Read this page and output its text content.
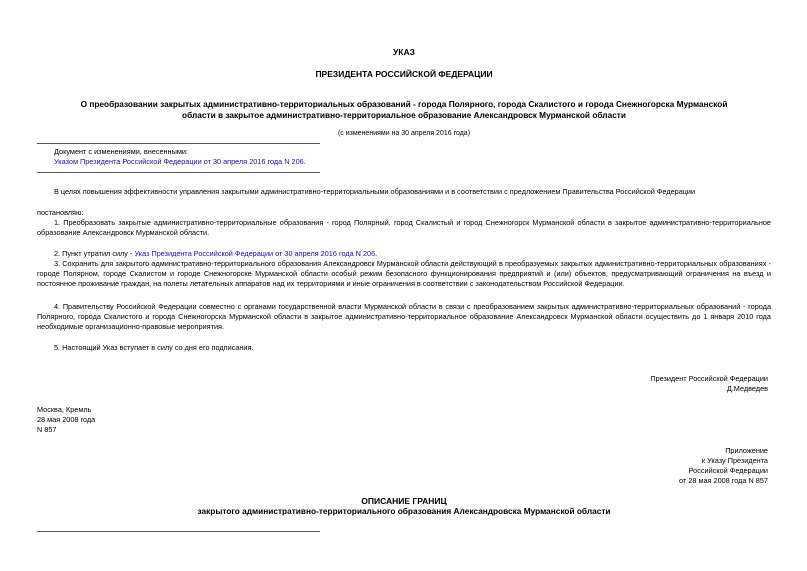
УКАЗ
ПРЕЗИДЕНТА РОССИЙСКОЙ ФЕДЕРАЦИИ
О преобразовании закрытых административно-территориальных образований - города Полярного, города Скалистого и города Снежногорска Мурманской
области в закрытое административно-территориальное образование Александровск Мурманской области
(с изменениями на 30 апреля 2016 года)
Документ с изменениями, внесенными:
Указом Президента Российской Федерации от 30 апреля 2016 года N 206.
В целях повышения эффективности управления закрытыми административно-территориальными образованиями и в соответствии с предложением Правительства Российской Федерации
постановляю:
1. Преобразовать закрытые административно-территориальные образования - город Полярный, город Скалистый и город Снежногорск Мурманской области в закрытое административно-территориальное образование Александровск Мурманской области.
2. Пункт утратил силу - Указ Президента Российской Федерации от 30 апреля 2016 года N 206.
3. Сохранить для закрытого административно-территориального образования Александровск Мурманской области действующий в преобразуемых закрытых административно-территориальных образованиях - городе Полярном, городе Скалистом и городе Снежногорске Мурманской области особый режим безопасного функционирования предприятий и (или) объектов, предусматривающий ограничения на въезд и постоянное проживание граждан, на полеты летательных аппаратов над их территориями и иные ограничения в соответствии с законодательством Российской Федерации.
4. Правительству Российской Федерации совместно с органами государственной власти Мурманской области в связи с преобразованием закрытых административно-территориальных образований - города Полярного, города Скалистого и города Снежногорска Мурманской области в закрытое административно-территориальное образование Александровск Мурманской области осуществить до 1 января 2010 года необходимые организационно-правовые мероприятия.
5. Настоящий Указ вступает в силу со дня его подписания.
Президент Российской Федерации
Д.Медведев
Москва, Кремль
28 мая 2008 года
N 857
Приложение
к Указу Президента
Российской Федерации
от 28 мая 2008 года N 857
ОПИСАНИЕ ГРАНИЦ
закрытого административно-территориального образования Александровска Мурманской области
